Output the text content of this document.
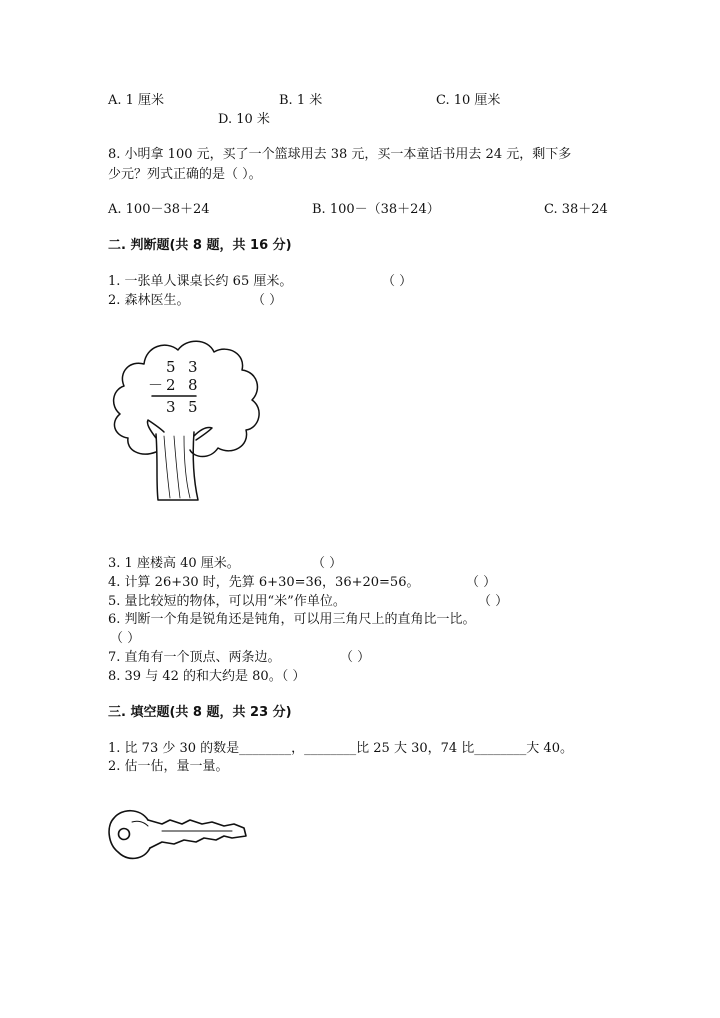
A. 1 厘米	B. 1 米	C. 10 厘米
D. 10 米
8. 小明拿 100 元，买了一个篮球用去 38 元，买一本童话书用去 24 元，剩下多
少元？列式正确的是（ ）。
A. 100－38＋24	B. 100－（38＋24）	C. 38＋24
二. 判断题(共 8 题，共 16 分)
1. 一张单人课桌长约 65 厘米。	（ ）
2. 森林医生。	（ ）
5 3
－ 2 8
3 5
3. 1 座楼高 40 厘米。	（ ）
4. 计算 26+30 时，先算 6+30=36，36+20=56。	（ ）
5. 量比较短的物体，可以用“米”作单位。	（ ）
6. 判断一个角是锐角还是钝角，可以用三角尺上的直角比一比。
（ ）
7. 直角有一个顶点、两条边。	（ ）
8. 39 与 42 的和大约是 80。（ ）
三. 填空题(共 8 题，共 23 分)
1. 比 73 少 30 的数是________，________比 25 大 30，74 比________大 40。
2. 估一估，量一量。
